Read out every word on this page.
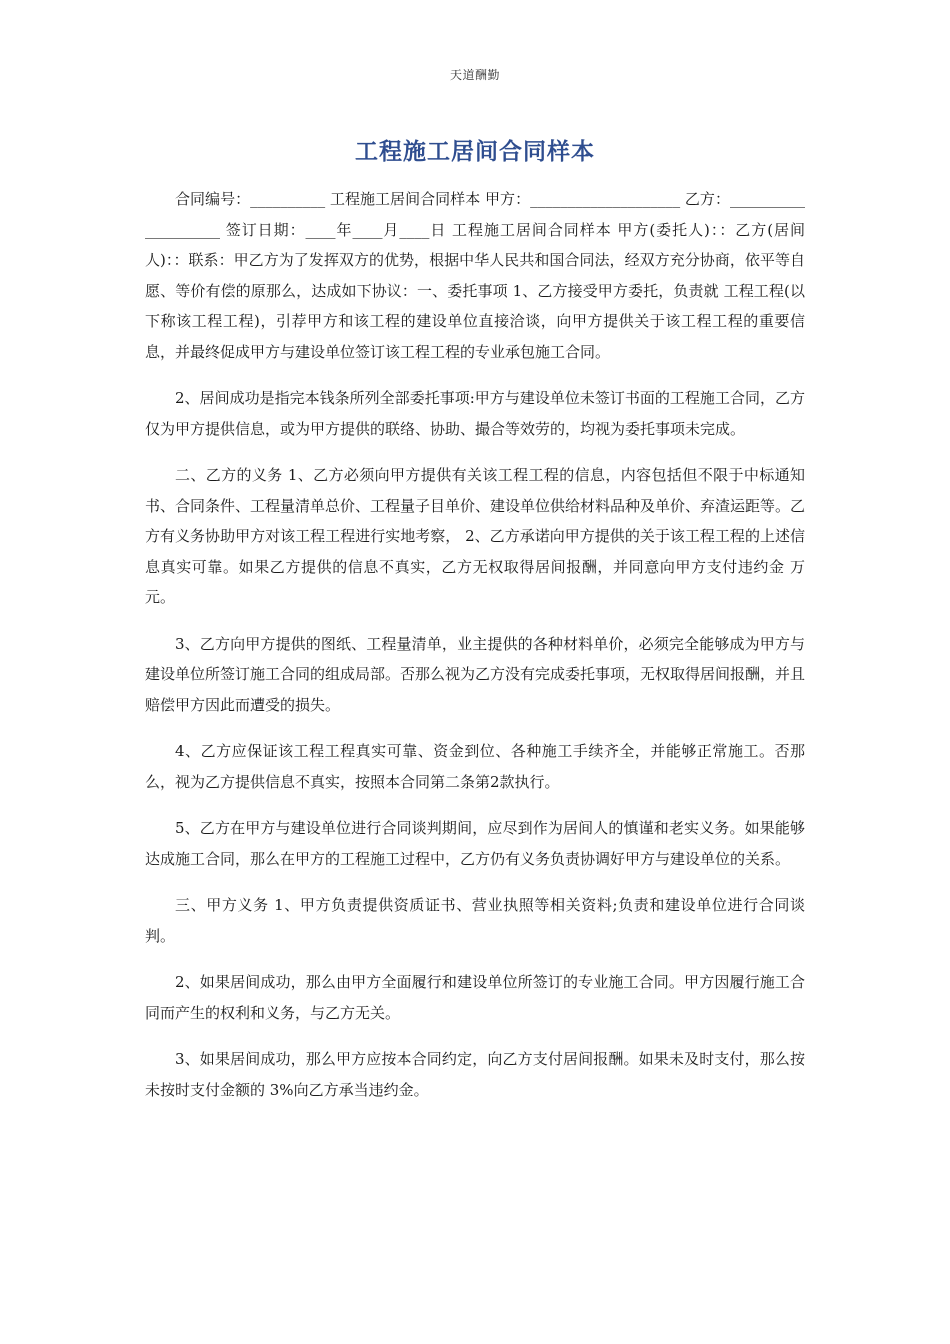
天道酬勤
工程施工居间合同样本

合同编号：__________ 工程施工居间合同样本 甲方：____________________ 乙方：____________________ 签订日期：____年____月____日 工程施工居间合同样本 甲方(委托人)：：乙方(居间人)：：联系：甲乙方为了发挥双方的优势，根据中华人民共和国合同法，经双方充分协商，依平等自愿、等价有偿的原那么，达成如下协议：一、委托事项 1、乙方接受甲方委托，负责就 工程工程(以下称该工程工程)，引荐甲方和该工程的建设单位直接洽谈，向甲方提供关于该工程工程的重要信息，并最终促成甲方与建设单位签订该工程工程的专业承包施工合同。

2、居间成功是指完本钱条所列全部委托事项:甲方与建设单位未签订书面的工程施工合同，乙方仅为甲方提供信息，或为甲方提供的联络、协助、撮合等效劳的，均视为委托事项未完成。

二、乙方的义务 1、乙方必须向甲方提供有关该工程工程的信息，内容包括但不限于中标通知书、合同条件、工程量清单总价、工程量子目单价、建设单位供给材料品种及单价、弃渣运距等。乙方有义务协助甲方对该工程工程进行实地考察， 2、乙方承诺向甲方提供的关于该工程工程的上述信息真实可靠。如果乙方提供的信息不真实，乙方无权取得居间报酬，并同意向甲方支付违约金 万元。

3、乙方向甲方提供的图纸、工程量清单，业主提供的各种材料单价，必须完全能够成为甲方与建设单位所签订施工合同的组成局部。否那么视为乙方没有完成委托事项，无权取得居间报酬，并且赔偿甲方因此而遭受的损失。

4、乙方应保证该工程工程真实可靠、资金到位、各种施工手续齐全，并能够正常施工。否那么，视为乙方提供信息不真实，按照本合同第二条第2款执行。

5、乙方在甲方与建设单位进行合同谈判期间，应尽到作为居间人的慎谨和老实义务。如果能够达成施工合同，那么在甲方的工程施工过程中，乙方仍有义务负责协调好甲方与建设单位的关系。

三、甲方义务 1、甲方负责提供资质证书、营业执照等相关资料;负责和建设单位进行合同谈判。

2、如果居间成功，那么由甲方全面履行和建设单位所签订的专业施工合同。甲方因履行施工合同而产生的权利和义务，与乙方无关。

3、如果居间成功，那么甲方应按本合同约定，向乙方支付居间报酬。如果未及时支付，那么按未按时支付金额的 3%向乙方承当违约金。
